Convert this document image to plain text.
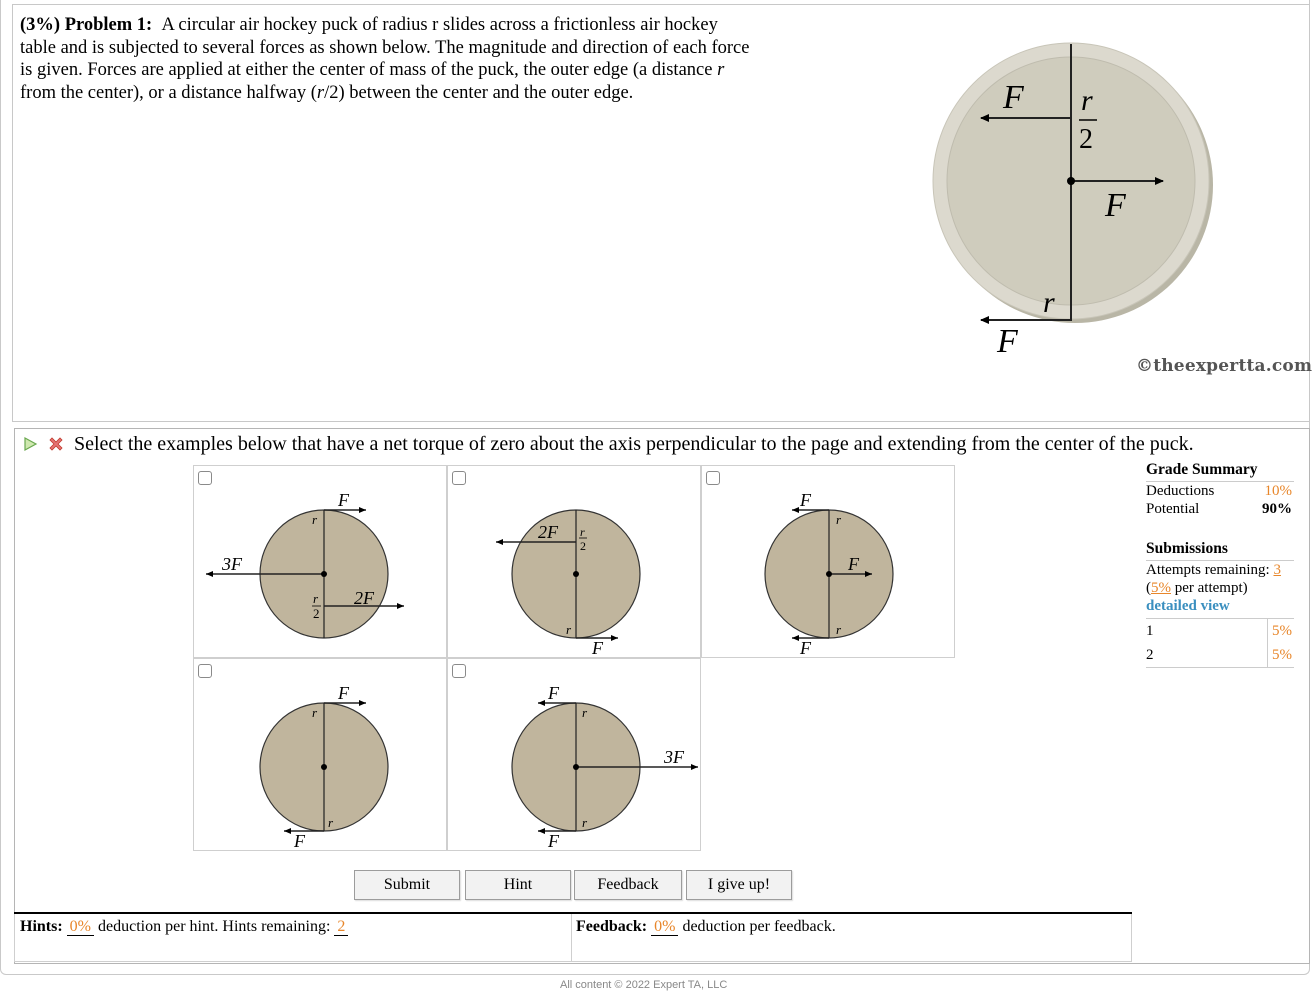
(3%) Problem 1: A circular air hockey puck of radius r slides across a frictionless air hockey
table and is subjected to several forces as shown below. The magnitude and direction of each force
is given. Forces are applied at either the center of mass of the puck, the outer edge (a distance r
from the center), or a distance halfway (r/2) between the center and the outer edge.	F r
2
F
r
F
©theexpertta.com
Select the examples below that have a net torque of zero about the axis perpendicular to the page and extending from the center of the puck.
F
r
3F
r
2
2F
2F r
2
r
F
F
r
F
r
F
F
r
r
F
F
r
3F
r
F
Grade Summary
Deductions	10%
Potential	90%
Submissions
Attempts remaining: 3
(5% per attempt)
detailed view
1	5%
2	5%
Submit	Hint	Feedback	I give up!
Hints: 0% deduction per hint. Hints remaining: 2	Feedback: 0% deduction per feedback.
All content © 2022 Expert TA, LLC
